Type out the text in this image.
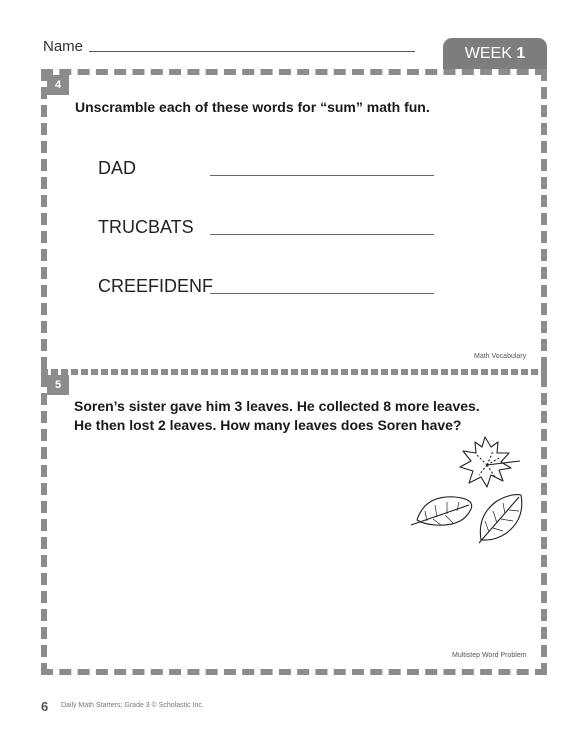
Name	WEEK 1
4
Unscramble each of these words for “sum” math fun.
DAD
TRUCBATS
CREEFIDENF
Math Vocabulary
5
Soren’s sister gave him 3 leaves. He collected 8 more leaves.
He then lost 2 leaves. How many leaves does Soren have?
Multistep Word Problem
6 Daily Math Starters: Grade 3 © Scholastic Inc.
